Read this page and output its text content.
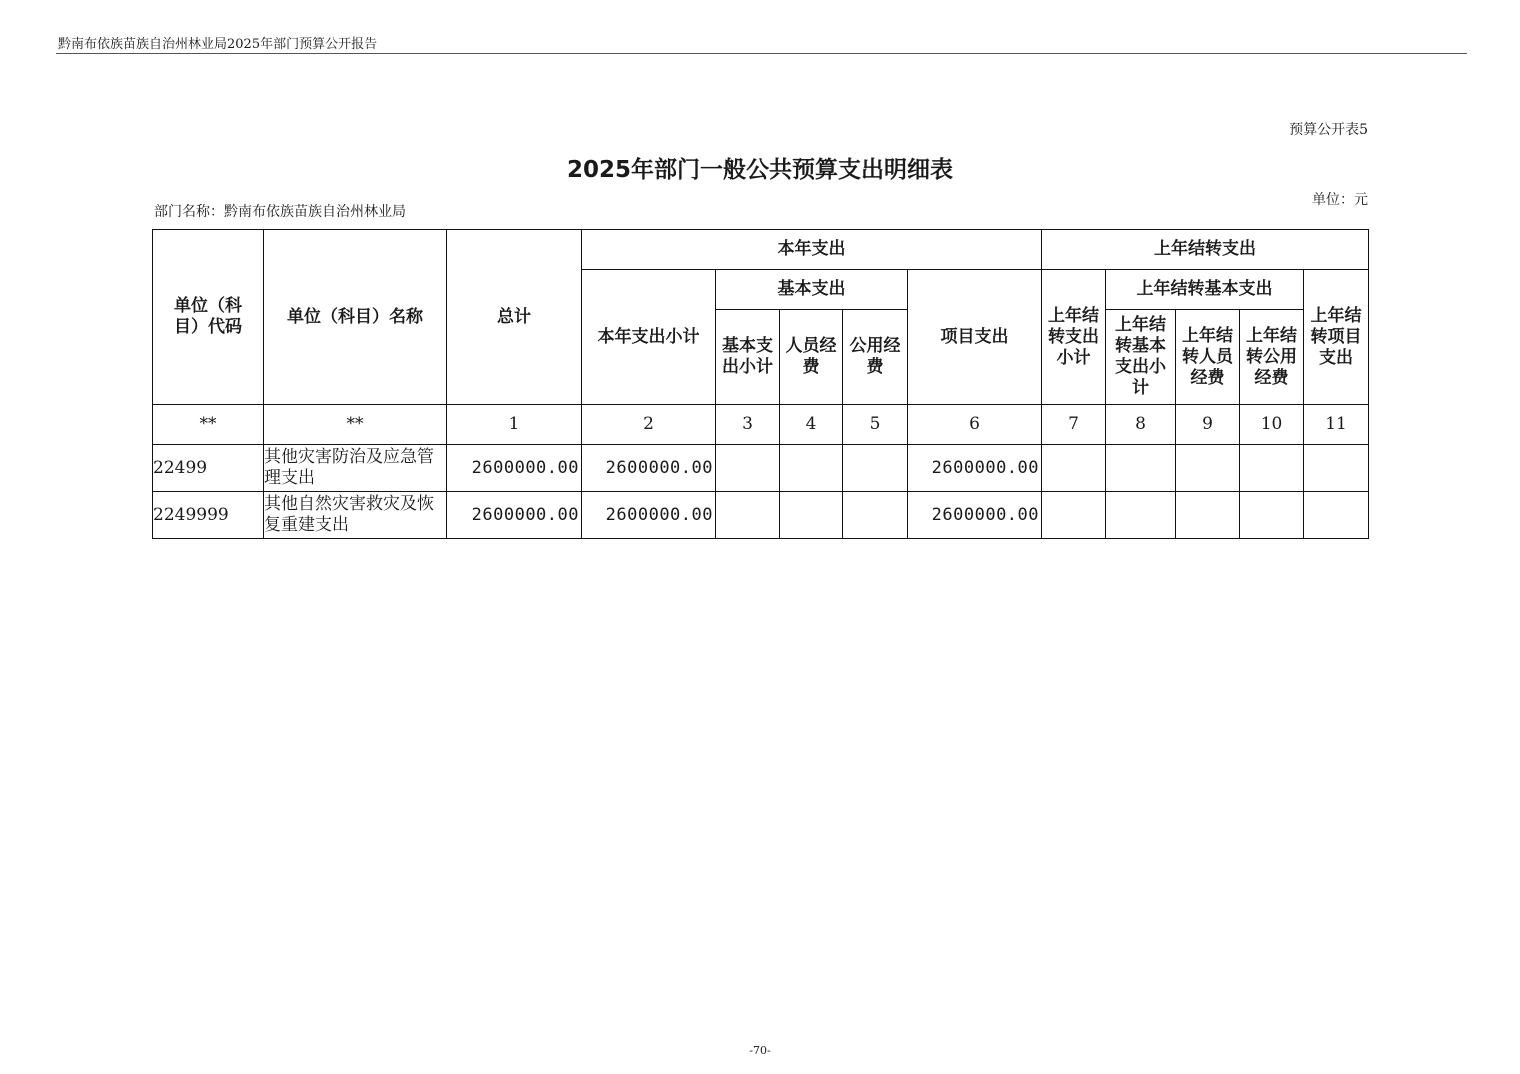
黔南布依族苗族自治州林业局2025年部门预算公开报告
预算公开表5
2025年部门一般公共预算支出明细表
单位：元
部门名称：黔南布依族苗族自治州林业局
单位（科目）代码	单位（科目）名称	总计	本年支出					上年结转支出				
			本年支出小计	基本支出			项目支出	上年结转支出小计	上年结转基本支出			上年结转项目支出

				基本支出小计	人员经费	公用经费			上年结转基本支出小计	上年结转人员经费	上年结转公用经费	

**	**	1	2	3	4	5	6	7	8	9	10	11
22499	其他灾害防治及应急管理支出	2600000.00	2600000.00				2600000.00					
2249999	其他自然灾害救灾及恢复重建支出	2600000.00	2600000.00				2600000.00					
-70-
